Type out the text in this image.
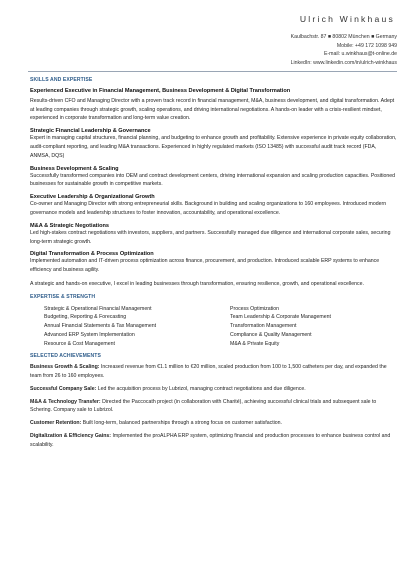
Ulrich Winkhaus
Kaulbachstr. 87 ■ 80802 München ■ Germany
Mobile: +49 172 1098 949
E-mail: u.winkhaus@t-online.de
LinkedIn: www.linkedin.com/in/ulrich-winkhaus
SKILLS AND EXPERTISE
Experienced Executive in Financial Management, Business Development & Digital Transformation
Results-driven CFO and Managing Director with a proven track record in financial management, M&A, business development, and digital transformation. Adept at leading companies through strategic growth, scaling operations, and driving international negotiations. A hands-on leader with a crisis-resilient mindset, experienced in corporate transformation and long-term value creation.
Strategic Financial Leadership & Governance
Expert in managing capital structures, financial planning, and budgeting to enhance growth and profitability. Extensive experience in private equity collaboration, audit-compliant reporting, and leading M&A transactions. Experienced in highly regulated markets (ISO 13485) with successful audit track record (FDA, ANMSA, DQS)
Business Development & Scaling
Successfully transformed companies into OEM and contract development centers, driving international expansion and scaling production capacities. Positioned businesses for sustainable growth in competitive markets.
Executive Leadership & Organizational Growth
Co-owner and Managing Director with strong entrepreneurial skills. Background in building and scaling organizations to 160 employees. Introduced modern governance models and leadership structures to foster innovation, accountability, and operational excellence.
M&A & Strategic Negotiations
Led high-stakes contract negotiations with investors, suppliers, and partners. Successfully managed due diligence and international corporate sales, securing long-term strategic growth.
Digital Transformation & Process Optimization
Implemented automation and IT-driven process optimization across finance, procurement, and production. Introduced scalable ERP systems to enhance efficiency and business agility.
A strategic and hands-on executive, I excel in leading businesses through transformation, ensuring resilience, growth, and operational excellence.
EXPERTISE & STRENGTH
Strategic & Operational Financial Management	Process Optimization
Budgeting, Reporting & Forecasting	Team Leadership & Corporate Management
Annual Financial Statements & Tax Management	Transformation Management
Advanced ERP System Implementation	Compliance & Quality Management
Resource & Cost Management	M&A & Private Equity
SELECTED ACHIEVEMENTS
Business Growth & Scaling: Increased revenue from €1.1 million to €20 million, scaled production from 100 to 1,500 catheters per day, and expanded the team from 26 to 160 employees.
Successful Company Sale: Led the acquisition process by Lubrizol, managing contract negotiations and due diligence.
M&A & Technology Transfer: Directed the Paccocath project (in collaboration with Charité), achieving successful clinical trials and subsequent sale to Schering. Company sale to Lubrizol.
Customer Retention: Built long-term, balanced partnerships through a strong focus on customer satisfaction.
Digitalization & Efficiency Gains: Implemented the proALPHA ERP system, optimizing financial and production processes to enhance business control and scalability.
